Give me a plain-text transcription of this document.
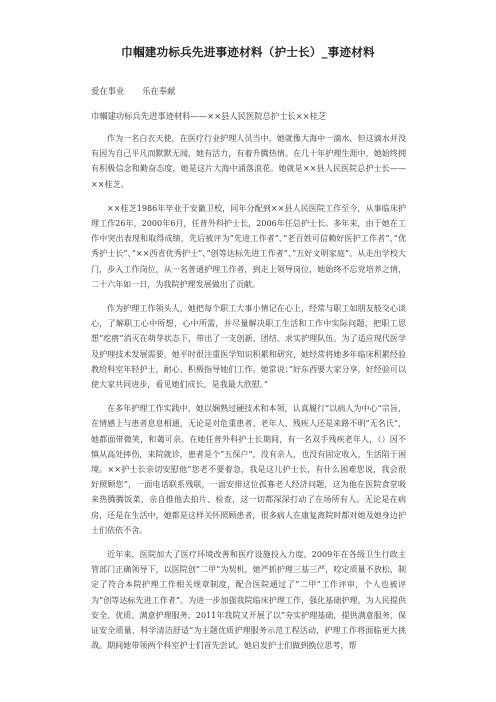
巾帼建功标兵先进事迹材料（护士长）_事迹材料
爱在事业 乐在奉献
巾帼建功标兵先进事迹材料——××县人民医院总护士长××桂芝

作为一名白衣天使，在医疗行业护理人员当中，她就像大海中一滴水，但这滴水并没有因为自己平凡而默默无闻，她有活力，有着升腾热情。在几十年护理生涯中，她始终拥有积极信念和勤奋态度，她是这片大海中涌落浪花。她就是××县人民医院总护士长——××桂芝。

××桂芝1986年毕业于安徽卫校，同年分配到××县人民医院工作至今，从事临床护理工作26年，2000年6月，任普外科护士长，2006年任总护士长。多年来，由于她在工作中突出表现和取得成绩，先后被评为”先进工作者”、”老百姓可信赖好医护工作者”、”优秀护士长”、”××西省优秀护士”、”创等达标先进工作者”、”五好文明家庭”。从走出学校大门，步入工作岗位，从一名普通护理工作者，到走上领导岗位，她始终不忘党培养之情，二十六年如一日，为我院护理发展做出了贡献。

作为护理工作领头人，她把每个职工大事小情记在心上，经常与职工如朋友般交心谈心，了解职工心中所想，心中所需，并尽量解决职工生活和工作中实际问题，把职工思想”疙瘩”消灭在萌芽状态下，带出了一支创新、团结、求实护理队伍。为了适应现代医学及护理技术发展需要，她平时很注重医学知识积累和研究，她经常将她多年临床积累经验教给科室年轻护士，耐心、积极指导她们工作。她常说：”好东西要大家分享，好经验可以使大家共同进步，看见她们成长，是我最大欣慰。”

在多年护理工作实践中，她以娴熟过硬技术和本领，认真履行“以病人为中心”宗旨，在情感上与患者息息相通，无论是对危重患者、老年人、残疾人还是来路不明”无名氏”，她都面带微笑，和蔼可亲。在她任普外科护士长期间，有一名双手残疾老年人，（）因不慎从高处摔伤，来院就诊，患者是个”五保户”，没有亲人，也没有固定收入，生活陷于困境。××护士长亲切安慰他”您老不要着急，我是这儿护士长，有什么困难您说，我会很好照顾您”，一面电话联系残联，一面安排这位孤寡老人经济问题，这为他在医院食堂吸来热腾腾饭菜，亲自推他去拍片、检查，这一切都深深打动了在场所有人。无论是在病房，还是在生活中，她都是这样关怀照顾患者，很多病人在康复离院时都对她及她身边护士们依依不舍。

近年来，医院加大了医疗环境改善和医疗设施投入力度，2009年在各级卫生行政主管部门正确领导下，以医院创”二甲”为契机，她严抓护理三基三严，咬定质量不放松，制定了符合本院护理工作相关规章制度，配合医院通过了”二甲”工作评审，个人也被评为”创等达标先进工作者”。为进一步加强我院临床护理工作，强化基础护理，为人民提供安全、优质、满意护理服务，2011年我院又开展了以”夯实护理基础，提供满意服务，保证安全质量，科学清洁舒适”为主题优质护理服务示范工程活动，护理工作将面临更大挑战。期间她带领两个科室护士们首先尝试。她启发护士们做到换位思考，帮
